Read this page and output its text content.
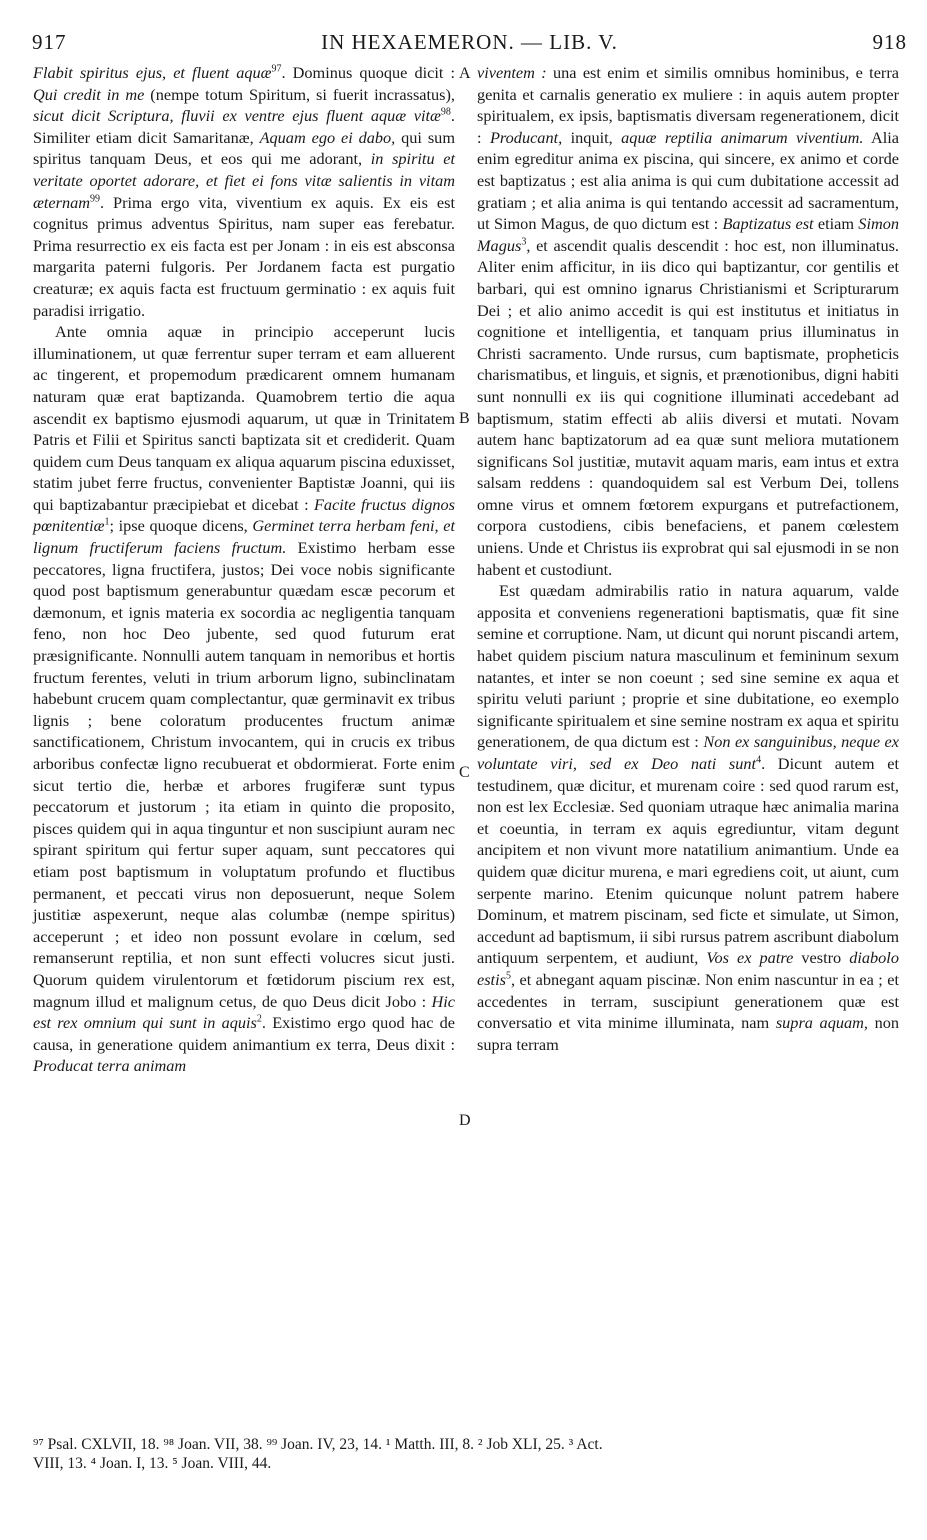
917	IN HEXAEMERON. — LIB. V.	918

Flabit spiritus ejus, et fluent aquæ$^{97}$. Dominus quoque dicit : Qui credit in me (nempe totum Spiritum, si fuerit incrassatus), sicut dicit Scriptura, fluvii ex ventre ejus fluent aquæ vitæ$^{98}$. Similiter etiam dicit Samaritanæ, Aquam ego ei dabo, qui sum spiritus tanquam Deus, et eos qui me adorant, in spiritu et veritate oportet adorare, et fiet ei fons vitæ salientis in vitam æternam$^{99}$. Prima ergo vita, viventium ex aquis. Ex eis est cognitus primus adventus Spiritus, nam super eas ferebatur. Prima resurrectio ex eis facta est per Jonam : in eis est absconsa margarita paterni fulgoris. Per Jordanem facta est purgatio creaturæ; ex aquis facta est fructuum germinatio : ex aquis fuit paradisi irrigatio.

Ante omnia aquæ in principio acceperunt lucis illuminationem, ut quæ ferrentur super terram et eam alluerent ac tingerent, et propemodum prædicarent omnem humanam naturam quæ erat baptizanda. Quamobrem tertio die aqua ascendit ex baptismo ejusmodi aquarum, ut quæ in Trinitatem Patris et Filii et Spiritus sancti baptizata sit et crediderit. Quam quidem cum Deus tanquam ex aliqua aquarum piscina eduxisset, statim jubet ferre fructus, convenienter Baptistæ Joanni, qui iis qui baptizabantur præcipiebat et dicebat : Facite fructus dignos pœnitentiæ$^1$; ipse quoque dicens, Germinet terra herbam feni, et lignum fructiferum faciens fructum. Existimo herbam esse peccatores, ligna fructifera, justos; Dei voce nobis significante quod post baptismum generabuntur quædam escæ pecorum et dæmonum, et ignis materia ex socordia ac negligentia tanquam feno, non hoc Deo jubente, sed quod futurum erat præsignificante. Nonnulli autem tanquam in nemoribus et hortis fructum ferentes, veluti in trium arborum ligno, subinclinatam habebunt crucem quam complectantur, quæ germinavit ex tribus lignis ; bene coloratum producentes fructum animæ sanctificationem, Christum invocantem, qui in crucis ex tribus arboribus confectæ ligno recubuerat et obdormierat. Forte enim sicut tertio die, herbæ et arbores frugiferæ sunt typus peccatorum et justorum ; ita etiam in quinto die proposito, pisces quidem qui in aqua tinguntur et non suscipiunt auram nec spirant spiritum qui fertur super aquam, sunt peccatores qui etiam post baptismum in voluptatum profundo et fluctibus permanent, et peccati virus non deposuerunt, neque Solem justitiæ aspexerunt, neque alas columbæ (nempe spiritus) acceperunt ; et ideo non possunt evolare in cœlum, sed remanserunt reptilia, et non sunt effecti volucres sicut justi. Quorum quidem virulentorum et fœtidorum piscium rex est, magnum illud et malignum cetus, de quo Deus dicit Jobo : Hic est rex omnium qui sunt in aquis$^2$. Existimo ergo quod hac de causa, in generatione quidem animantium ex terra, Deus dixit : Producat terra animam

A
B
C
D

viventem : una est enim et similis omnibus hominibus, e terra genita et carnalis generatio ex muliere : in aquis autem propter spiritualem, ex ipsis, baptismatis diversam regenerationem, dicit : Producant, inquit, aquæ reptilia animarum viventium. Alia enim egreditur anima ex piscina, qui sincere, ex animo et corde est baptizatus ; est alia anima is qui cum dubitatione accessit ad gratiam ; et alia anima is qui tentando accessit ad sacramentum, ut Simon Magus, de quo dictum est : Baptizatus est etiam Simon Magus$^3$, et ascendit qualis descendit : hoc est, non illuminatus. Aliter enim afficitur, in iis dico qui baptizantur, cor gentilis et barbari, qui est omnino ignarus Christianismi et Scripturarum Dei ; et alio animo accedit is qui est institutus et initiatus in cognitione et intelligentia, et tanquam prius illuminatus in Christi sacramento. Unde rursus, cum baptismate, propheticis charismatibus, et linguis, et signis, et prænotionibus, digni habiti sunt nonnulli ex iis qui cognitione illuminati accedebant ad baptismum, statim effecti ab aliis diversi et mutati. Novam autem hanc baptizatorum ad ea quæ sunt meliora mutationem significans Sol justitiæ, mutavit aquam maris, eam intus et extra salsam reddens : quandoquidem sal est Verbum Dei, tollens omne virus et omnem fœtorem expurgans et putrefactionem, corpora custodiens, cibis benefaciens, et panem cœlestem uniens. Unde et Christus iis exprobrat qui sal ejusmodi in se non habent et custodiunt.

Est quædam admirabilis ratio in natura aquarum, valde apposita et conveniens regenerationi baptismatis, quæ fit sine semine et corruptione. Nam, ut dicunt qui norunt piscandi artem, habet quidem piscium natura masculinum et femininum sexum natantes, et inter se non coeunt ; sed sine semine ex aqua et spiritu veluti pariunt ; proprie et sine dubitatione, eo exemplo significante spiritualem et sine semine nostram ex aqua et spiritu generationem, de qua dictum est : Non ex sanguinibus, neque ex voluntate viri, sed ex Deo nati sunt$^4$. Dicunt autem et testudinem, quæ dicitur, et murenam coire : sed quod rarum est, non est lex Ecclesiæ. Sed quoniam utraque hæc animalia marina et coeuntia, in terram ex aquis egrediuntur, vitam degunt ancipitem et non vivunt more natatilium animantium. Unde ea quidem quæ dicitur murena, e mari egrediens coit, ut aiunt, cum serpente marino. Etenim quicunque nolunt patrem habere Dominum, et matrem piscinam, sed ficte et simulate, ut Simon, accedunt ad baptismum, ii sibi rursus patrem ascribunt diabolum antiquum serpentem, et audiunt, Vos ex patre vestro diabolo estis$^5$, et abnegant aquam piscinæ. Non enim nascuntur in ea ; et accedentes in terram, suscipiunt generationem quæ est conversatio et vita minime illuminata, nam supra aquam, non supra terram

⁹⁷ Psal. CXLVII, 18. ⁹⁸ Joan. VII, 38. ⁹⁹ Joan. IV, 23, 14. ¹ Matth. III, 8. ² Job XLI, 25. ³ Act.
VIII, 13. ⁴ Joan. I, 13. ⁵ Joan. VIII, 44.
